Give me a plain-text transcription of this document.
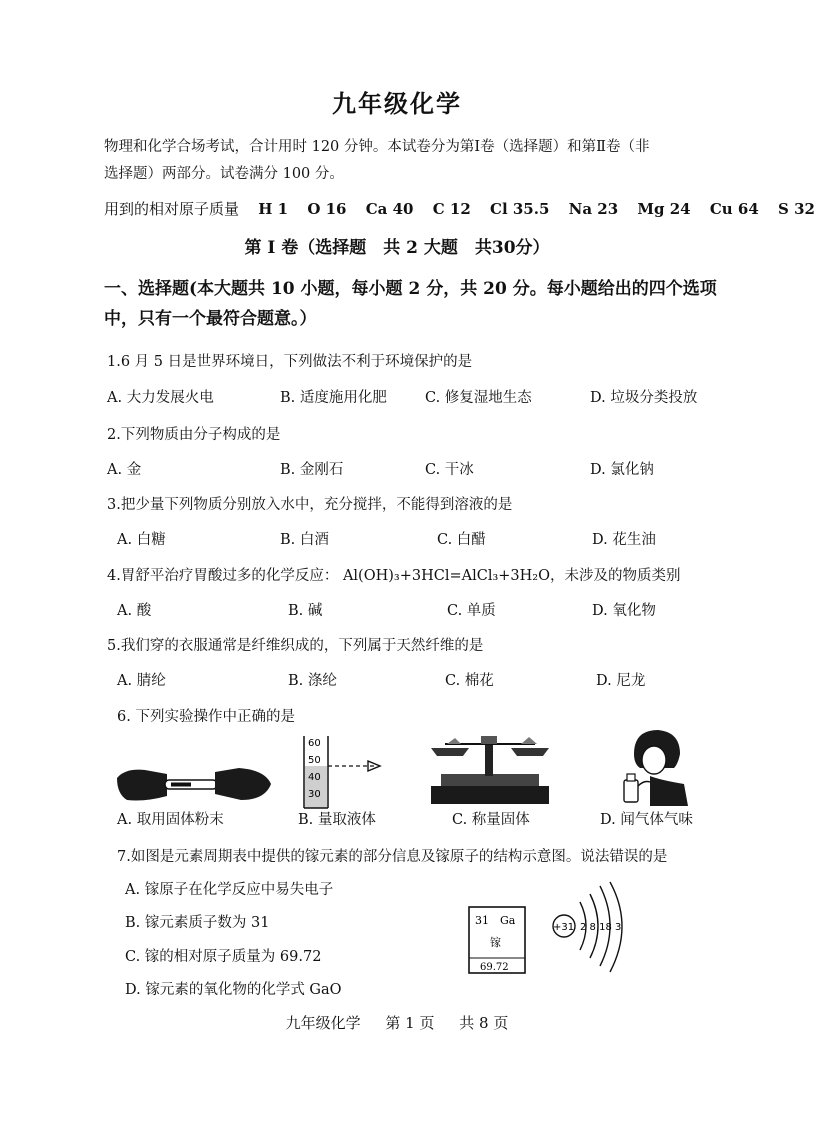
九年级化学
物理和化学合场考试，合计用时 120 分钟。本试卷分为第Ⅰ卷（选择题）和第Ⅱ卷（非
选择题）两部分。试卷满分 100 分。
用到的相对原子质量 H 1 O 16 Ca 40 C 12 Cl 35.5 Na 23 Mg 24 Cu 64 S 32
第 Ⅰ 卷（选择题　共 2 大题　共30分）
一、选择题(本大题共 10 小题，每小题 2 分，共 20 分。每小题给出的四个选项
中，只有一个最符合题意。）
1.6 月 5 日是世界环境日，下列做法不利于环境保护的是
A. 大力发展火电	B. 适度施用化肥	C. 修复湿地生态	D. 垃圾分类投放
2.下列物质由分子构成的是
A. 金	B. 金刚石	C. 干冰	D. 氯化钠
3.把少量下列物质分别放入水中，充分搅拌，不能得到溶液的是
A. 白糖	B. 白酒	C. 白醋	D. 花生油
4.胃舒平治疗胃酸过多的化学反应： Al(OH)₃+3HCl=AlCl₃+3H₂O，未涉及的物质类别
A. 酸	B. 碱	C. 单质	D. 氧化物
5.我们穿的衣服通常是纤维织成的，下列属于天然纤维的是
A. 腈纶	B. 涤纶	C. 棉花	D. 尼龙
6. 下列实验操作中正确的是
60
50
40
30
A. 取用固体粉末	B. 量取液体	C. 称量固体	D. 闻气体气味
7.如图是元素周期表中提供的镓元素的部分信息及镓原子的结构示意图。说法错误的是
A. 镓原子在化学反应中易失电子
B. 镓元素质子数为 31
C. 镓的相对原子质量为 69.72
D. 镓元素的氧化物的化学式 GaO
31 Ga
镓
69.72
+31 2 8 18 3
九年级化学 第 1 页 共 8 页
